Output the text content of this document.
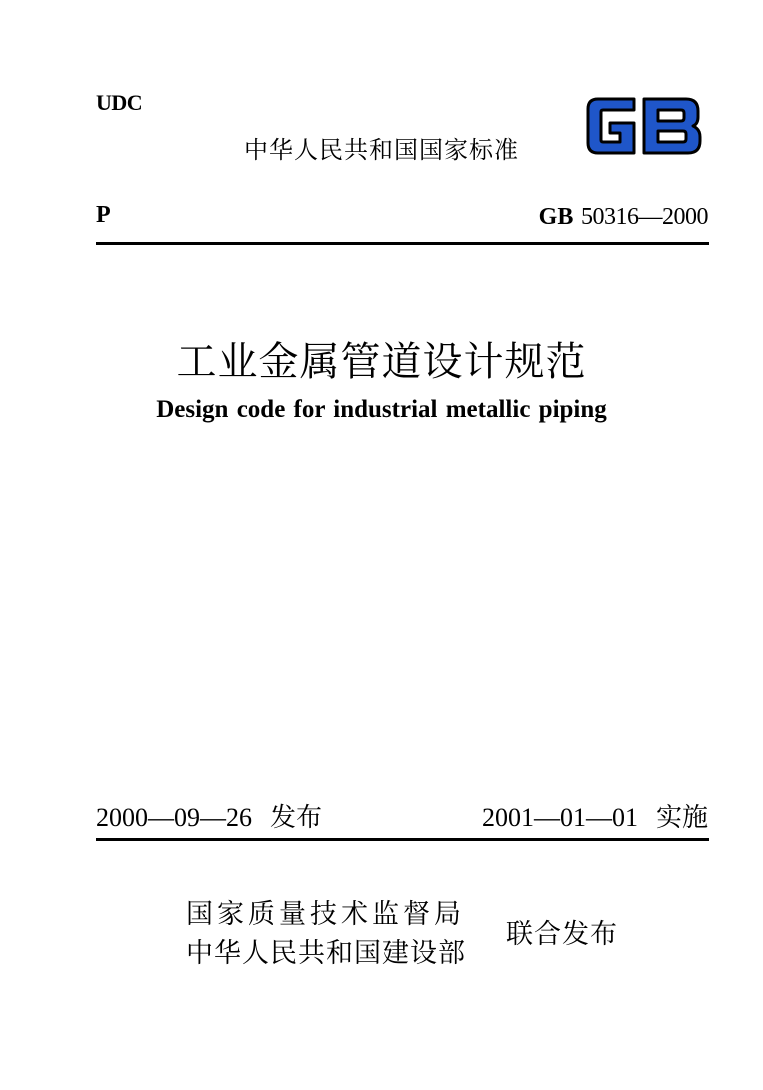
UDC
中华人民共和国国家标准
P	GB 50316—2000
工业金属管道设计规范
Design code for industrial metallic piping
2000—09—26 发布	2001—01—01 实施
国家质量技术监督局
中华人民共和国建设部
联合发布
